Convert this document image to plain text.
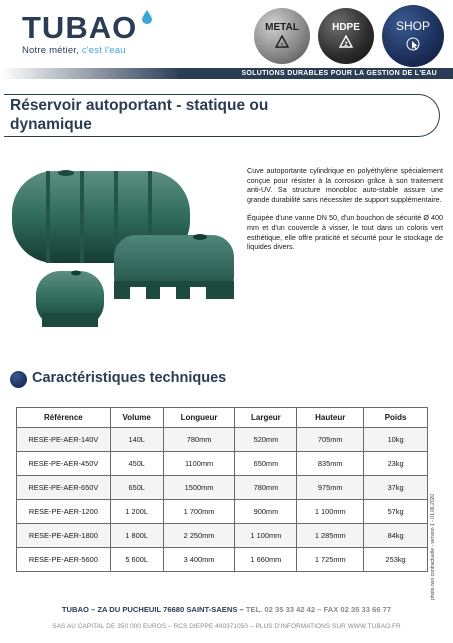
TUBAO
Notre métier, c'est l'eau
METAL	HDPE
2
SHOP
SOLUTIONS DURABLES POUR LA GESTION DE L'EAU
Réservoir autoportant - statique ou dynamique

Cuve autoportante cylindrique en polyéthylène spécialement conçue pour résister à la corrosion grâce à son traitement anti-UV. Sa structure monobloc auto-stable assure une grande durabilité sans nécessiter de support supplémentaire.

Équipée d'une vanne DN 50, d'un bouchon de sécurité Ø 400 mm et d'un couvercle à visser, le tout dans un coloris vert esthétique, elle offre praticité et sécurité pour le stockage de liquides divers.

Caractéristiques techniques
Référence	Volume	Longueur	Largeur	Hauteur	Poids
RESE-PE-AER-140V	140L	780mm	520mm	705mm	10kg
RESE-PE-AER-450V	450L	1100mm	650mm	835mm	23kg
RESE-PE-AER-650V	650L	1500mm	780mm	975mm	37kg
RESE-PE-AER-1200	1 200L	1 700mm	900mm	1 100mm	57kg
RESE-PE-AER-1800	1 800L	2 250mm	1 100mm	1 285mm	84kg
RESE-PE-AER-5600	5 600L	3 400mm	1 660mm	1 725mm	253kg	photo non contractuelle - version 1 - 01.06.2020
TUBAO – ZA DU PUCHEUIL 76680 SAINT-SAENS – TEL. 02 35 33 42 42 – FAX 02 35 33 66 77
SAS AU CAPITAL DE 350 000 EUROS – RCS DIEPPE 400371050 – PLUS D'INFORMATIONS SUR WWW.TUBAO.FR
